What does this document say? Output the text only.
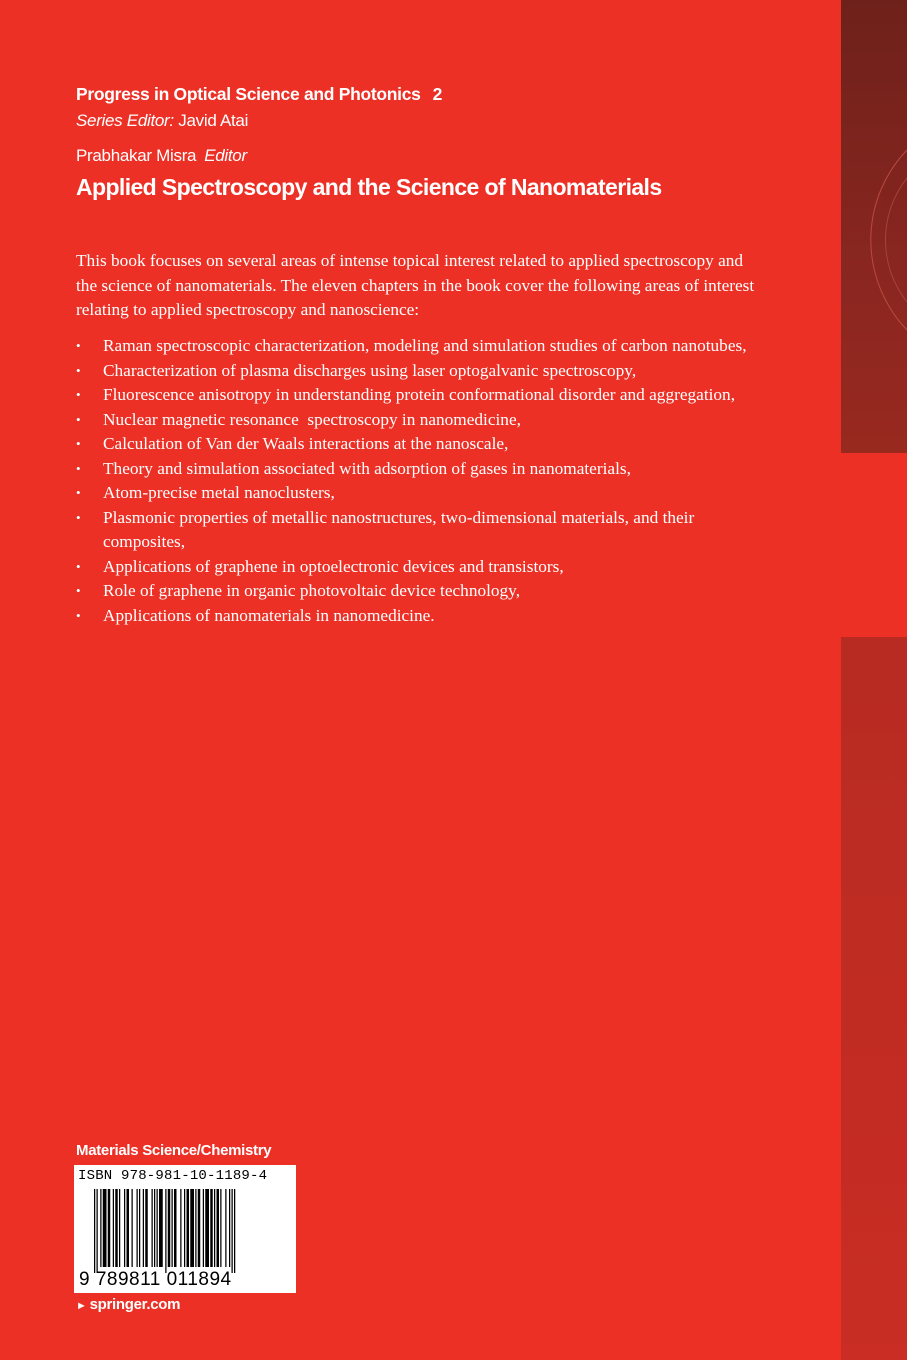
Progress in Optical Science and Photonics 2
Series Editor: Javid Atai
Prabhakar Misra Editor
Applied Spectroscopy and the Science of Nanomaterials

This book focuses on several areas of intense topical interest related to applied spectroscopy and the science of nanomaterials. The eleven chapters in the book cover the following areas of interest relating to applied spectroscopy and nanoscience:

• Raman spectroscopic characterization, modeling and simulation studies of carbon nanotubes,
• Characterization of plasma discharges using laser optogalvanic spectroscopy,
• Fluorescence anisotropy in understanding protein conformational disorder and aggregation,
• Nuclear magnetic resonance  spectroscopy in nanomedicine,
• Calculation of Van der Waals interactions at the nanoscale,
• Theory and simulation associated with adsorption of gases in nanomaterials,
• Atom-precise metal nanoclusters,
• Plasmonic properties of metallic nanostructures, two-dimensional materials, and their composites,
• Applications of graphene in optoelectronic devices and transistors,
• Role of graphene in organic photovoltaic device technology,
• Applications of nanomaterials in nanomedicine.
Materials Science/Chemistry
ISBN 978-981-10-1189-4
9 789811 011894
► springer.com
